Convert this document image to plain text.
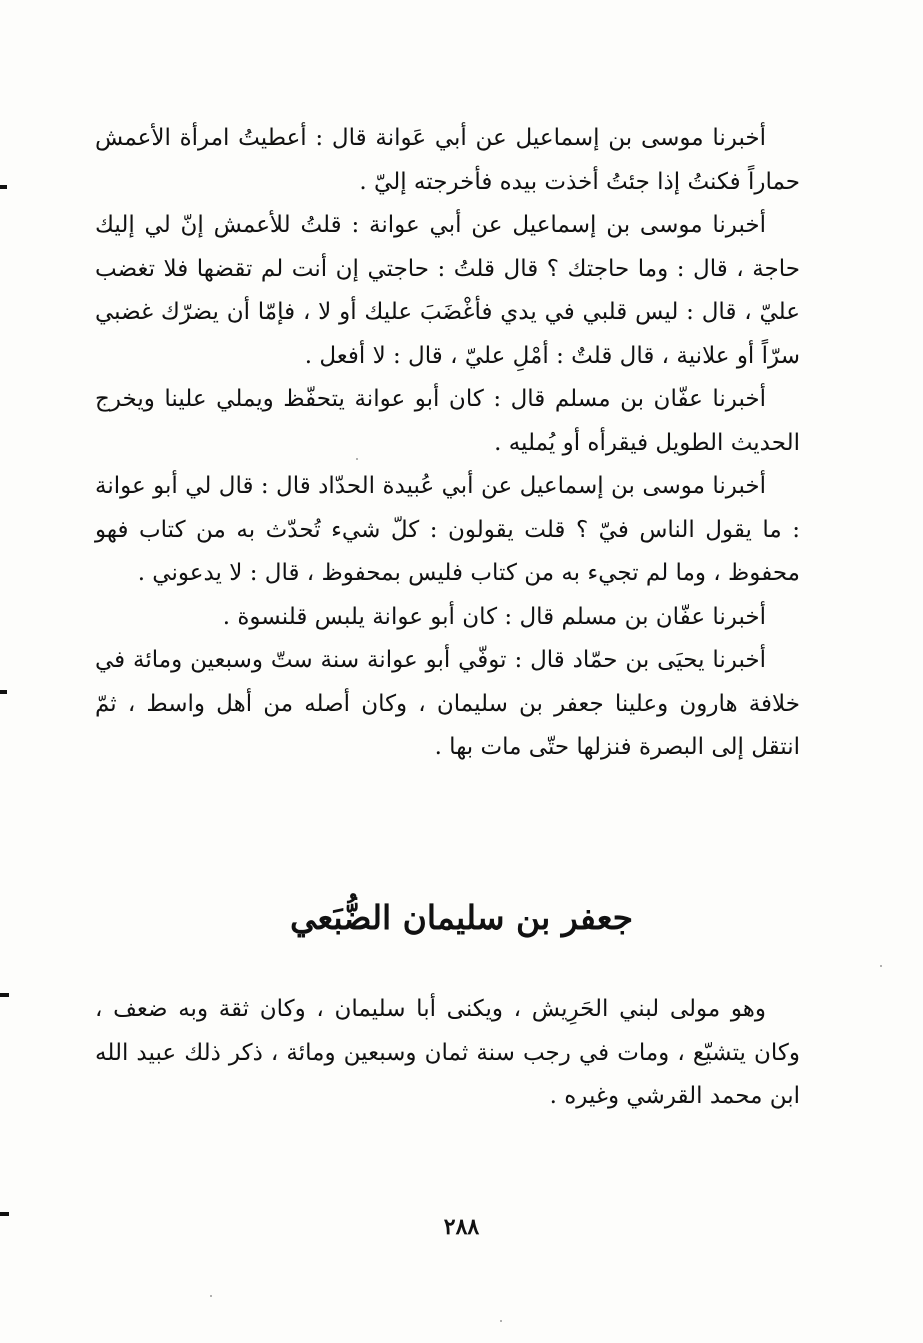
أخبرنا موسى بن إسماعيل عن أبي عَوانة قال : أعطيتُ امرأة الأعمش حماراً فكنتُ إذا جئتُ أخذت بيده فأخرجته إليّ .

أخبرنا موسى بن إسماعيل عن أبي عوانة : قلتُ للأعمش إنّ لي إليك حاجة ، قال : وما حاجتك ؟ قال قلتُ : حاجتي إن أنت لم تقضها فلا تغضب عليّ ، قال : ليس قلبي في يدي فأغْضَبَ عليك أو لا ، فإمّا أن يضرّك غضبي سرّاً أو علانية ، قال قلتٌ : أمْلِ عليّ ، قال : لا أفعل .

أخبرنا عفّان بن مسلم قال : كان أبو عوانة يتحفّظ ويملي علينا ويخرج الحديث الطويل فيقرأه أو يُمليه .

أخبرنا موسى بن إسماعيل عن أبي عُبيدة الحدّاد قال : قال لي أبو عوانة : ما يقول الناس فيّ ؟ قلت يقولون : كلّ شيء تُحدّث به من كتاب فهو محفوظ ، وما لم تجيء به من كتاب فليس بمحفوظ ، قال : لا يدعوني .

أخبرنا عفّان بن مسلم قال : كان أبو عوانة يلبس قلنسوة .

أخبرنا يحيَى بن حمّاد قال : توفّي أبو عوانة سنة ستّ وسبعين ومائة في خلافة هارون وعلينا جعفر بن سليمان ، وكان أصله من أهل واسط ، ثمّ انتقل إلى البصرة فنزلها حتّى مات بها .

جعفر بن سليمان الضُّبَعي

وهو مولى لبني الحَرِيش ، ويكنى أبا سليمان ، وكان ثقة وبه ضعف ، وكان يتشيّع ، ومات في رجب سنة ثمان وسبعين ومائة ، ذكر ذلك عبيد الله ابن محمد القرشي وغيره .

٢٨٨
